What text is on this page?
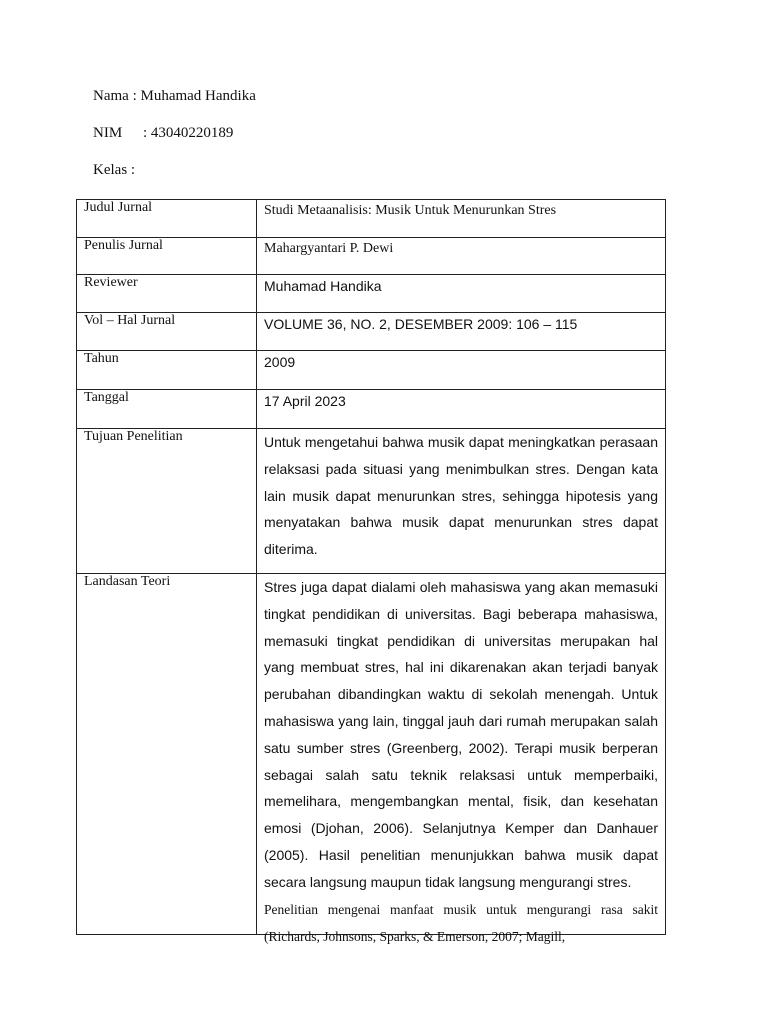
Nama : Muhamad Handika
NIM : 43040220189
Kelas :
Judul Jurnal	Studi Metaanalisis: Musik Untuk Menurunkan Stres

Penulis Jurnal	Mahargyantari P. Dewi

Reviewer	Muhamad Handika

Vol – Hal Jurnal	VOLUME 36, NO. 2, DESEMBER 2009: 106 – 115

Tahun	2009

Tanggal	17 April 2023

Tujuan Penelitian	Untuk mengetahui bahwa musik dapat meningkatkan perasaan relaksasi pada situasi yang menimbulkan stres. Dengan kata lain musik dapat menurunkan stres, sehingga hipotesis yang menyatakan bahwa musik dapat menurunkan stres dapat diterima.

Landasan Teori	Stres juga dapat dialami oleh mahasiswa yang akan memasuki tingkat pendidikan di universitas. Bagi beberapa mahasiswa, memasuki tingkat pendidikan di universitas merupakan hal yang membuat stres, hal ini dikarenakan akan terjadi banyak perubahan dibandingkan waktu di sekolah menengah. Untuk mahasiswa yang lain, tinggal jauh dari rumah merupakan salah satu sumber stres (Greenberg, 2002). Terapi musik berperan sebagai salah satu teknik relaksasi untuk memperbaiki, memelihara, mengembangkan mental, fisik, dan kesehatan emosi (Djohan, 2006). Selanjutnya Kemper dan Danhauer (2005). Hasil penelitian menunjukkan bahwa musik dapat secara langsung maupun tidak langsung mengurangi stres.
Penelitian mengenai manfaat musik untuk mengurangi rasa sakit (Richards, Johnsons, Sparks, & Emerson, 2007; Magill,
